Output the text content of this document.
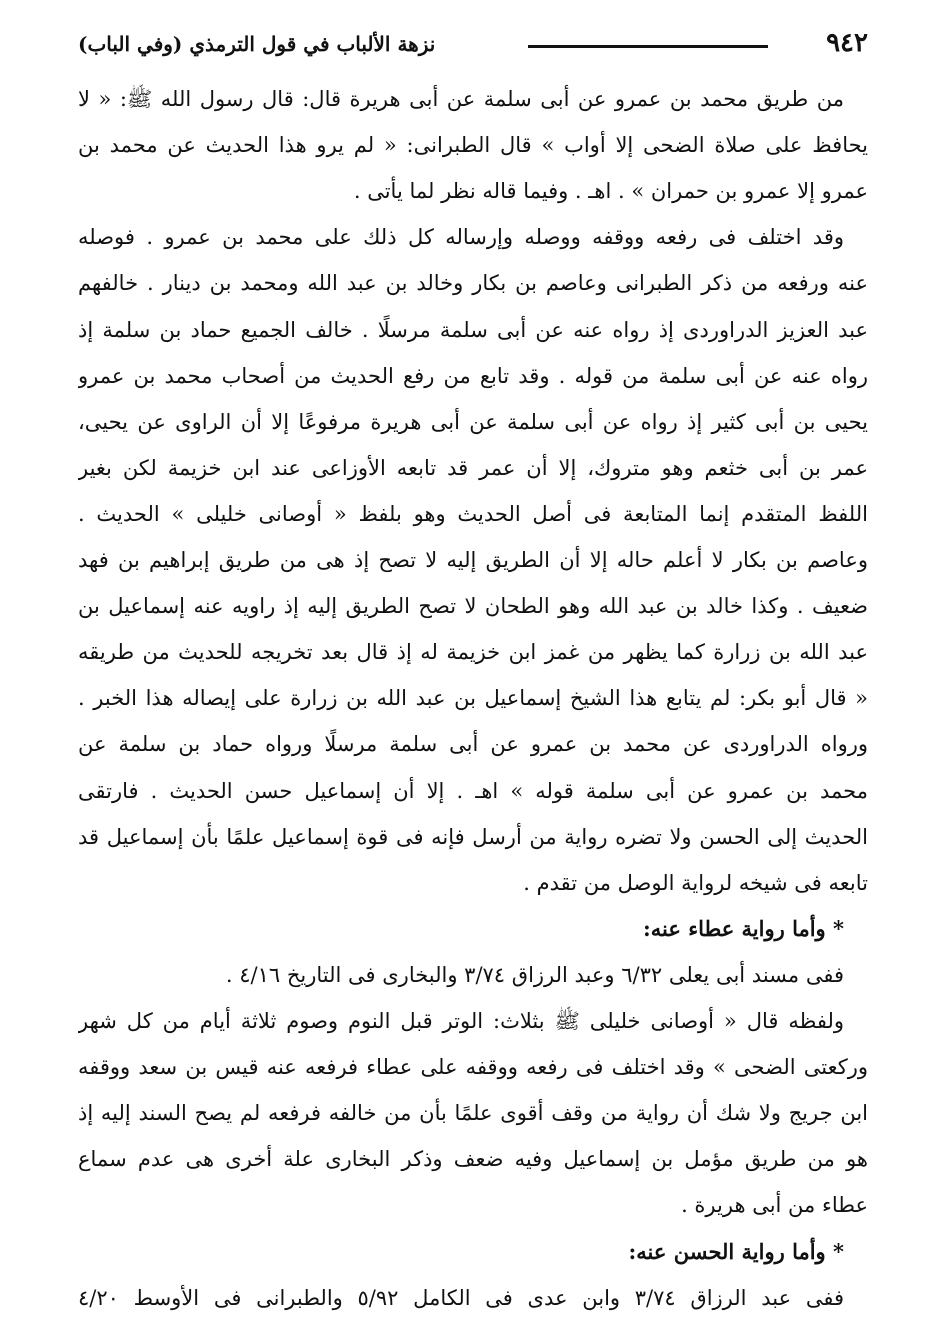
٩٤٢
نزهة الألباب في قول الترمذي (وفي الباب)
من طريق محمد بن عمرو عن أبى سلمة عن أبى هريرة قال: قال رسول الله ﷺ: « لا
يحافظ على صلاة الضحى إلا أواب » قال الطبرانى: « لم يرو هذا الحديث عن محمد بن
عمرو إلا عمرو بن حمران » . اهـ . وفيما قاله نظر لما يأتى .
وقد اختلف فى رفعه ووقفه ووصله وإرساله كل ذلك على محمد بن عمرو . فوصله
عنه ورفعه من ذكر الطبرانى وعاصم بن بكار وخالد بن عبد الله ومحمد بن دينار . خالفهم
عبد العزيز الدراوردى إذ رواه عنه عن أبى سلمة مرسلًا . خالف الجميع حماد بن سلمة إذ
رواه عنه عن أبى سلمة من قوله . وقد تابع من رفع الحديث من أصحاب محمد بن عمرو
يحيى بن أبى كثير إذ رواه عن أبى سلمة عن أبى هريرة مرفوعًا إلا أن الراوى عن يحيى،
عمر بن أبى خثعم وهو متروك، إلا أن عمر قد تابعه الأوزاعى عند ابن خزيمة لكن بغير
اللفظ المتقدم إنما المتابعة فى أصل الحديث وهو بلفظ « أوصانى خليلى » الحديث .
وعاصم بن بكار لا أعلم حاله إلا أن الطريق إليه لا تصح إذ هى من طريق إبراهيم بن فهد
ضعيف . وكذا خالد بن عبد الله وهو الطحان لا تصح الطريق إليه إذ راويه عنه إسماعيل بن
عبد الله بن زرارة كما يظهر من غمز ابن خزيمة له إذ قال بعد تخريجه للحديث من طريقه
« قال أبو بكر: لم يتابع هذا الشيخ إسماعيل بن عبد الله بن زرارة على إيصاله هذا الخبر .
ورواه الدراوردى عن محمد بن عمرو عن أبى سلمة مرسلًا ورواه حماد بن سلمة عن
محمد بن عمرو عن أبى سلمة قوله » اهـ . إلا أن إسماعيل حسن الحديث . فارتقى
الحديث إلى الحسن ولا تضره رواية من أرسل فإنه فى قوة إسماعيل علمًا بأن إسماعيل قد
تابعه فى شيخه لرواية الوصل من تقدم .
* وأما رواية عطاء عنه:
ففى مسند أبى يعلى ٦/٣٢ وعبد الرزاق ٣/٧٤ والبخارى فى التاريخ ٤/١٦ .
ولفظه قال « أوصانى خليلى ﷺ بثلاث: الوتر قبل النوم وصوم ثلاثة أيام من كل شهر
وركعتى الضحى » وقد اختلف فى رفعه ووقفه على عطاء فرفعه عنه قيس بن سعد ووقفه
ابن جريج ولا شك أن رواية من وقف أقوى علمًا بأن من خالفه فرفعه لم يصح السند إليه إذ
هو من طريق مؤمل بن إسماعيل وفيه ضعف وذكر البخارى علة أخرى هى عدم سماع
عطاء من أبى هريرة .
* وأما رواية الحسن عنه:
ففى عبد الرزاق ٣/٧٤ وابن عدى فى الكامل ٥/٩٢ والطبرانى فى الأوسط ٤/٢٠
